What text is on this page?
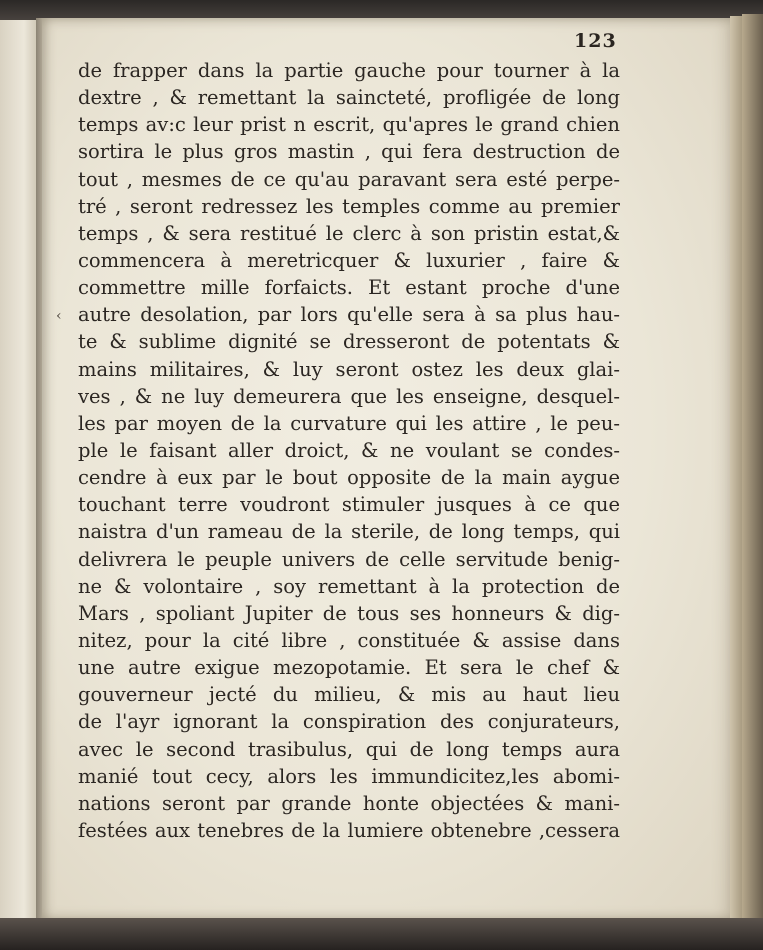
123
‹
de frapper dans la partie gauche pour tourner à la
dextre , & remettant la saincteté, profligée de long
temps av:c leur prist n escrit, qu'apres le grand chien
sortira le plus gros mastin , qui fera destruction de
tout , mesmes de ce qu'au paravant sera esté perpe-
tré , seront redressez les temples comme au premier
temps , & sera restitué le clerc à son pristin estat,&
commencera à meretricquer & luxurier , faire &
commettre mille forfaicts. Et estant proche d'une
autre desolation, par lors qu'elle sera à sa plus hau-
te & sublime dignité se dresseront de potentats &
mains militaires, & luy seront ostez les deux glai-
ves , & ne luy demeurera que les enseigne, desquel-
les par moyen de la curvature qui les attire , le peu-
ple le faisant aller droict, & ne voulant se condes-
cendre à eux par le bout opposite de la main aygue
touchant terre voudront stimuler jusques à ce que
naistra d'un rameau de la sterile, de long temps, qui
delivrera le peuple univers de celle servitude benig-
ne & volontaire , soy remettant à la protection de
Mars , spoliant Jupiter de tous ses honneurs & dig-
nitez, pour la cité libre , constituée & assise dans
une autre exigue mezopotamie. Et sera le chef &
gouverneur jecté du milieu, & mis au haut lieu
de l'ayr ignorant la conspiration des conjurateurs,
avec le second trasibulus, qui de long temps aura
manié tout cecy, alors les immundicitez,les abomi-
nations seront par grande honte objectées & mani-
festées aux tenebres de la lumiere obtenebre ,cessera
